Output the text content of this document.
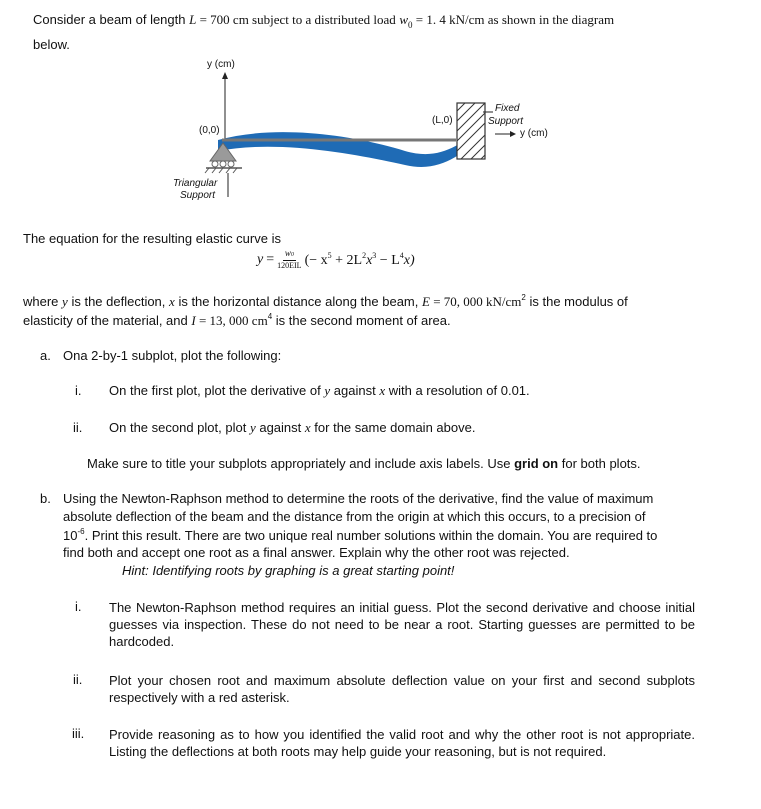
Consider a beam of length L = 700 cm subject to a distributed load $w_0 = 1$. 4 kN/cm as shown in the diagram
below.
y (cm)
(0,0)
(L,0)
Fixed
Support
y (cm)
Triangular
Support
The equation for the resulting elastic curve is
y = w0
120EIL (− $x^5 + 2L^2x^3 - L^4x$)
where y is the deflection, x is the horizontal distance along the beam, E = 70, 000 $kN/cm^2$ is the modulus of
elasticity of the material, and I = 13, 000 $cm^4$ is the second moment of area.
a. Ona 2-by-1 subplot, plot the following:
i. On the first plot, plot the derivative of y against x with a resolution of 0.01.
ii. On the second plot, plot y against x for the same domain above.
Make sure to title your subplots appropriately and include axis labels. Use grid on for both plots.
b. Using the Newton-Raphson method to determine the roots of the derivative, find the value of maximum
absolute deflection of the beam and the distance from the origin at which this occurs, to a precision of
$10^{-6}$. Print this result. There are two unique real number solutions within the domain. You are required to
find both and accept one root as a final answer. Explain why the other root was rejected.
Hint: Identifying roots by graphing is a great starting point!
i. The Newton-Raphson method requires an initial guess. Plot the second derivative and choose initial guesses via inspection. These do not need to be near a root. Starting guesses are permitted to be hardcoded.
ii. Plot your chosen root and maximum absolute deflection value on your first and second subplots respectively with a red asterisk.
iii. Provide reasoning as to how you identified the valid root and why the other root is not appropriate. Listing the deflections at both roots may help guide your reasoning, but is not required.
